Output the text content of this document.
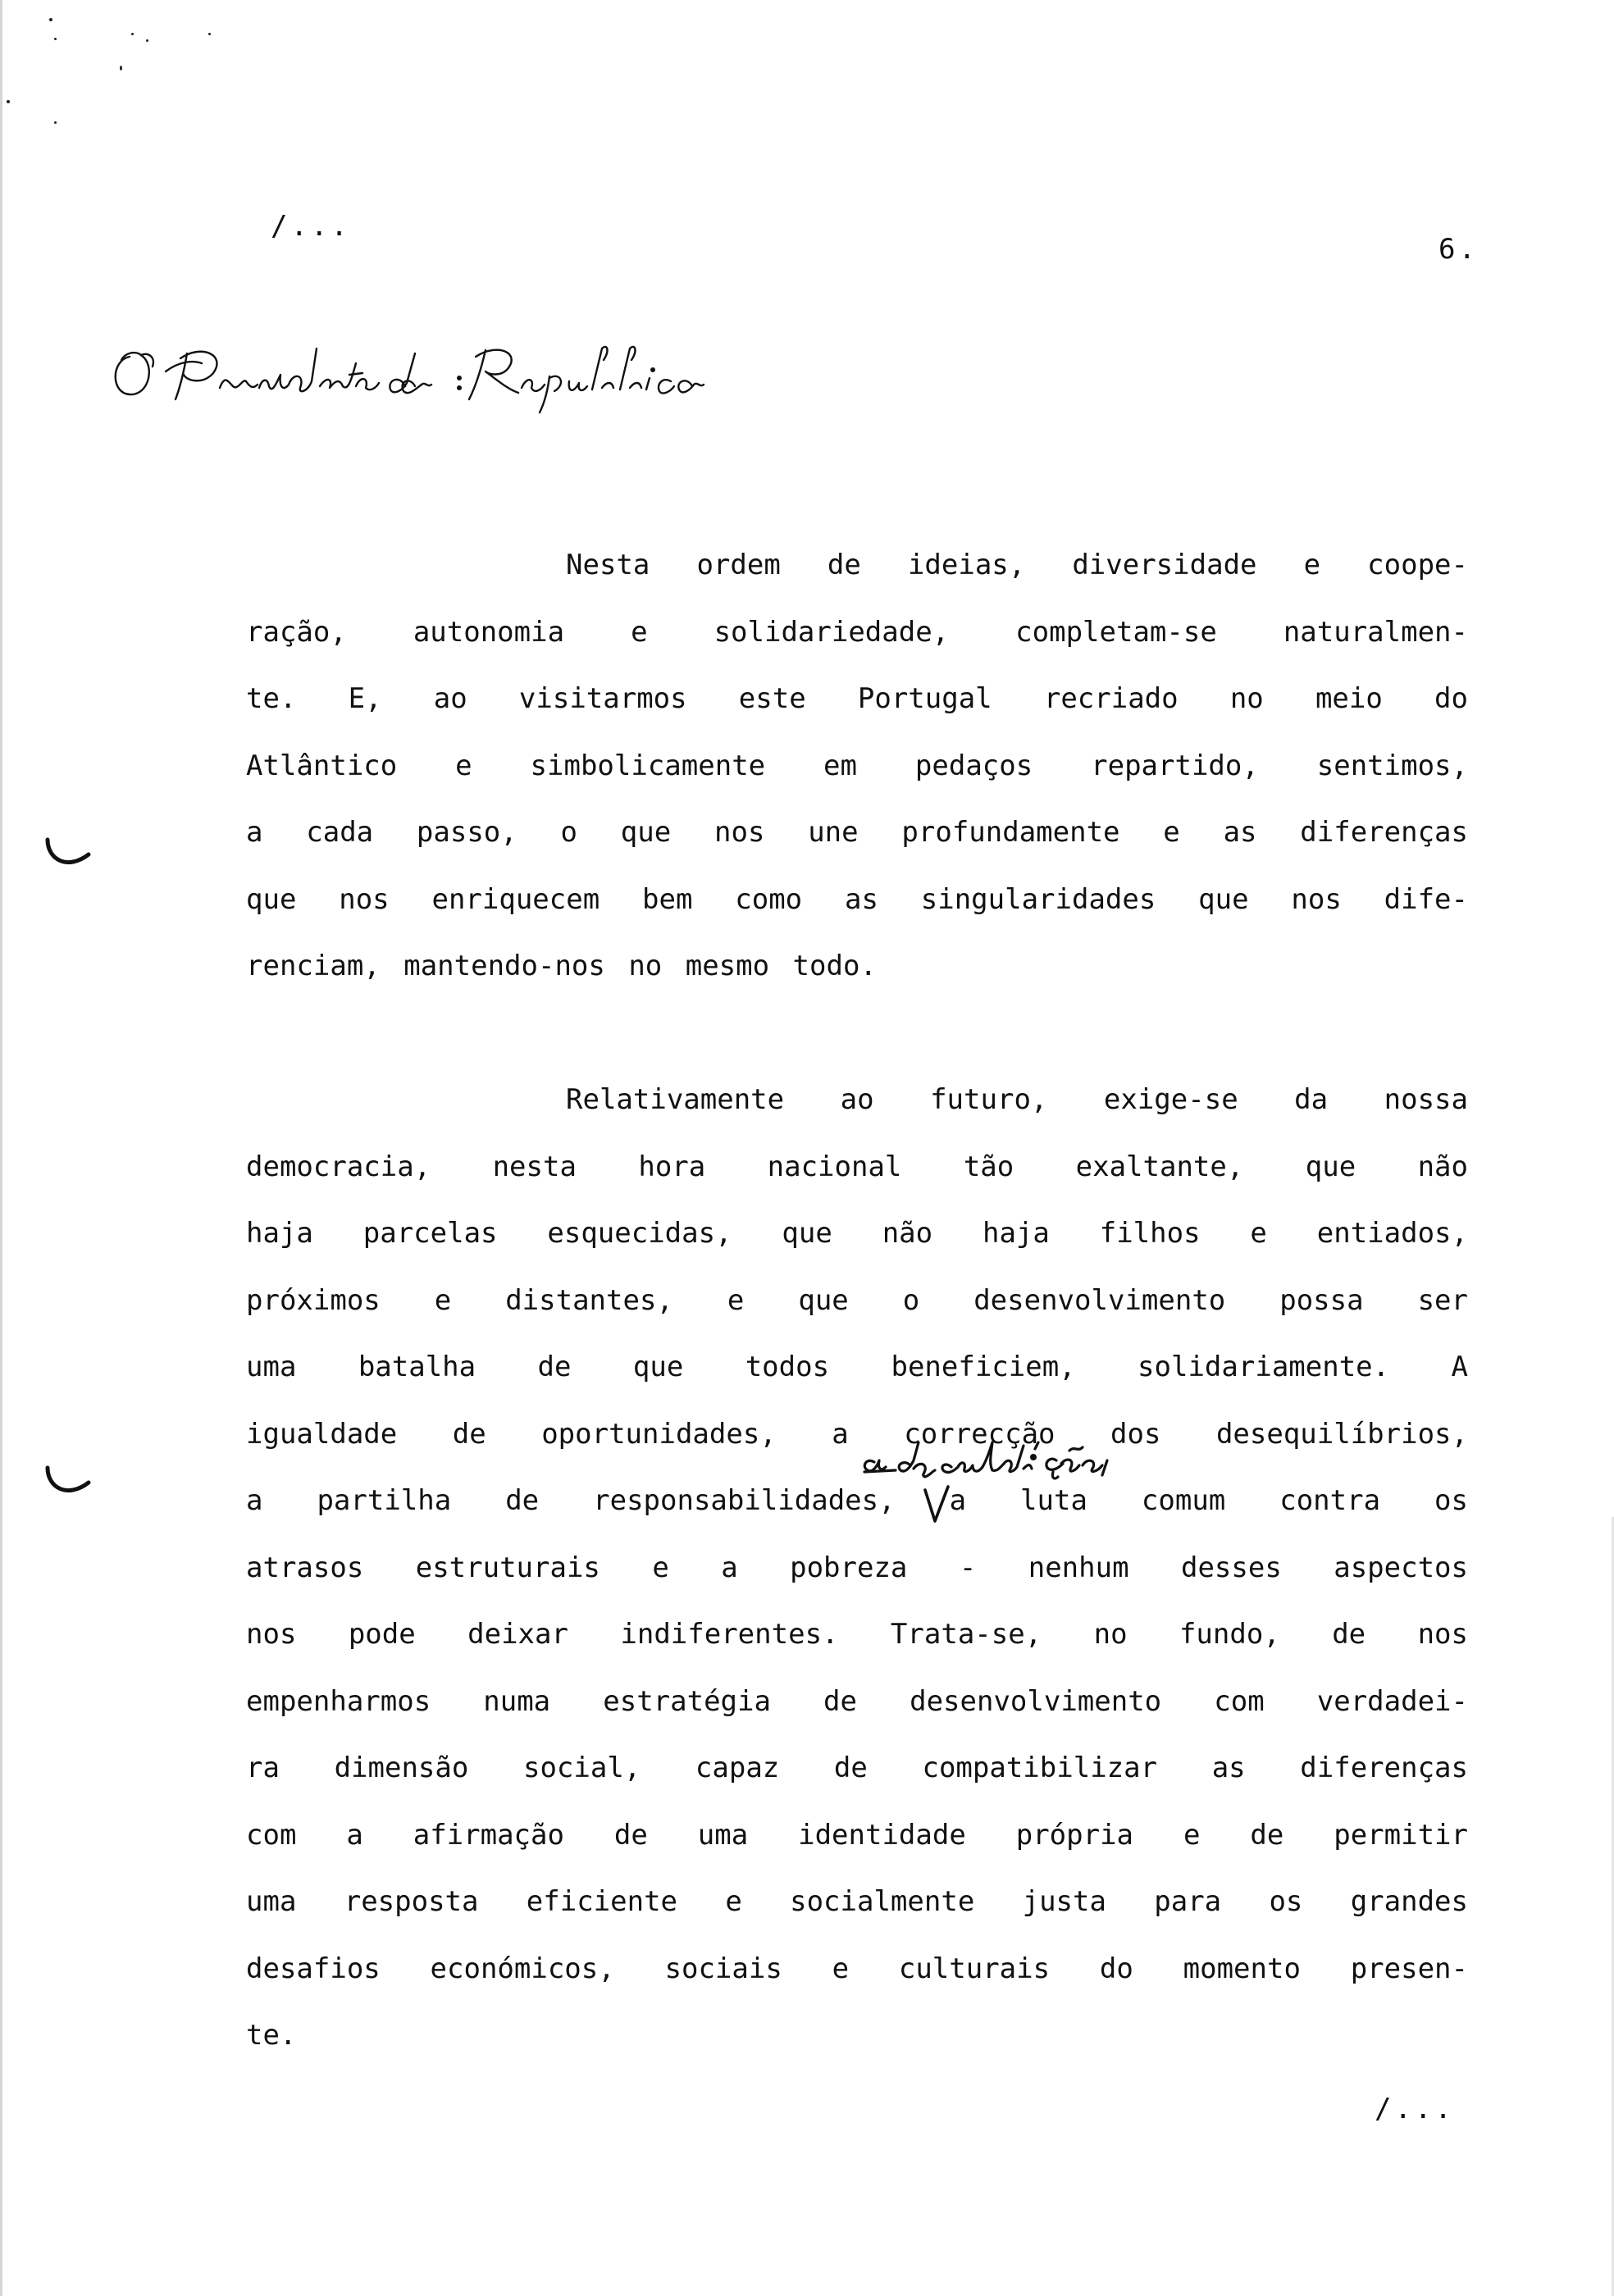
/...
6.
Nesta ordem de ideias, diversidade e coope-
ração, autonomia e solidariedade, completam-se naturalmen-
te. E, ao visitarmos este Portugal recriado no meio do
Atlântico e simbolicamente em pedaços repartido, sentimos,
a cada passo, o que nos une profundamente e as diferenças
que nos enriquecem bem como as singularidades que nos dife-
renciam, mantendo-nos no mesmo todo.
Relativamente ao futuro, exige-se da nossa
democracia, nesta hora nacional tão exaltante, que não
haja parcelas esquecidas, que não haja filhos e entiados,
próximos e distantes, e que o desenvolvimento possa ser
uma batalha de que todos beneficiem, solidariamente. A
igualdade de oportunidades, a correcção dos desequilíbrios,
a partilha de responsabilidades, a luta comum contra os
atrasos estruturais e a pobreza - nenhum desses aspectos
nos pode deixar indiferentes. Trata-se, no fundo, de nos
empenharmos numa estratégia de desenvolvimento com verdadei-
ra dimensão social, capaz de compatibilizar as diferenças
com a afirmação de uma identidade própria e de permitir
uma resposta eficiente e socialmente justa para os grandes
desafios económicos, sociais e culturais do momento presen-
te.
/...
